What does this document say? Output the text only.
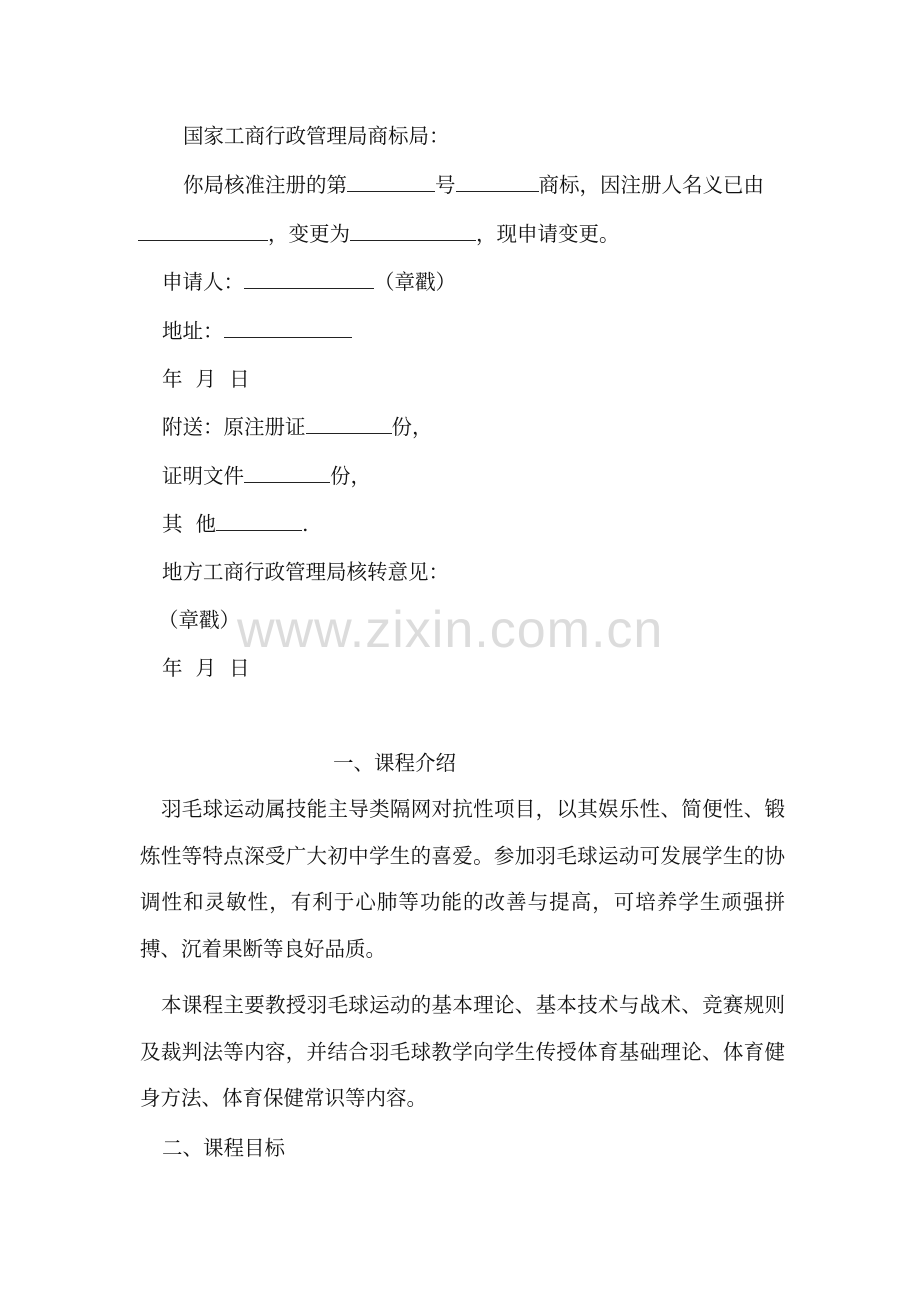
国家工商行政管理局商标局：

你局核准注册的第	号	商标，因注册人名义已由

，变更为	，现申请变更。

申请人：	（章戳）

地址：

年  月  日

附送：原注册证	份，

证明文件	份，

其  他	.

地方工商行政管理局核转意见：

（章戳）

年  月  日

一、课程介绍

羽毛球运动属技能主导类隔网对抗性项目，以其娱乐性、简便性、锻炼性等特点深受广大初中学生的喜爱。参加羽毛球运动可发展学生的协调性和灵敏性，有利于心肺等功能的改善与提高，可培养学生顽强拼搏、沉着果断等良好品质。

本课程主要教授羽毛球运动的基本理论、基本技术与战术、竞赛规则及裁判法等内容，并结合羽毛球教学向学生传授体育基础理论、体育健身方法、体育保健常识等内容。

二、课程目标

www.zixin.com.cn
